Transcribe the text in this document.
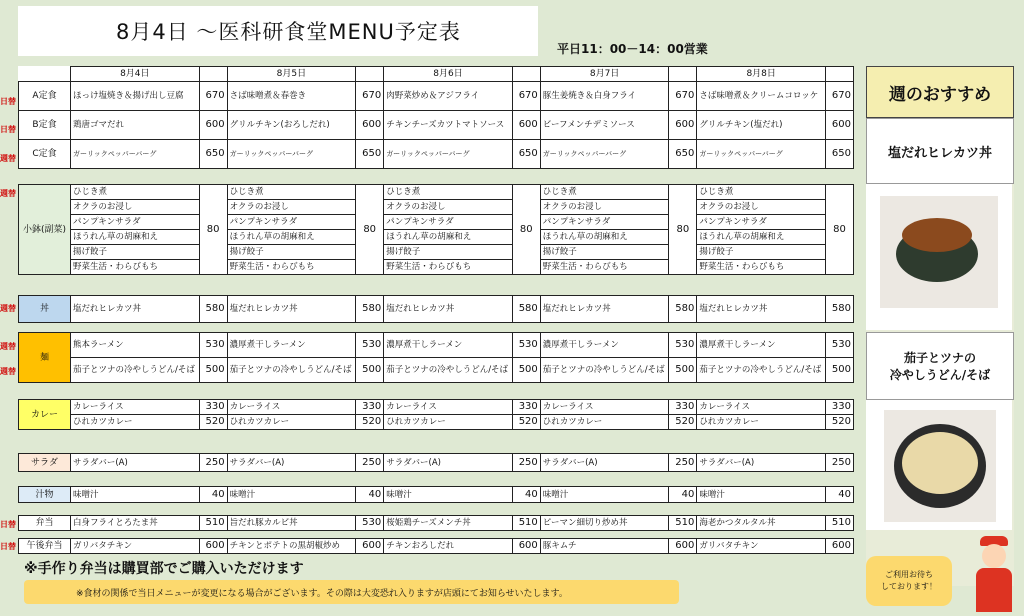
8月4日 ～医科研食堂MENU予定表
平日11：00－14：00営業
日替
日替
週替
週替
週替
週替
週替
日替
日替
	8月4日		8月5日		8月6日		8月7日		8月8日	
A定食	ほっけ塩焼き＆揚げ出し豆腐	670	さば味噌煮＆春巻き	670	肉野菜炒め＆アジフライ	670	豚生姜焼き＆白身フライ	670	さば味噌煮＆クリームコロッケ	670
B定食	鶏唐ゴマだれ	600	グリルチキン(おろしだれ)	600	チキンチーズカツトマトソース	600	ビーフメンチデミソース	600	グリルチキン(塩だれ)	600
C定食	ガーリックペッパーバーグ	650	ガーリックペッパーバーグ	650	ガーリックペッパーバーグ	650	ガーリックペッパーバーグ	650	ガーリックペッパーバーグ	650
小鉢(副菜)	ひじき煮	80	ひじき煮	80	ひじき煮	80	ひじき煮	80	ひじき煮	80
	オクラのお浸し		オクラのお浸し		オクラのお浸し		オクラのお浸し		オクラのお浸し	
	パンプキンサラダ		パンプキンサラダ		パンプキンサラダ		パンプキンサラダ		パンプキンサラダ	
	ほうれん草の胡麻和え		ほうれん草の胡麻和え		ほうれん草の胡麻和え		ほうれん草の胡麻和え		ほうれん草の胡麻和え	
	揚げ餃子		揚げ餃子		揚げ餃子		揚げ餃子		揚げ餃子	
	野菜生活・わらびもち		野菜生活・わらびもち		野菜生活・わらびもち		野菜生活・わらびもち		野菜生活・わらびもち	
丼	塩だれヒレカツ丼	580	塩だれヒレカツ丼	580	塩だれヒレカツ丼	580	塩だれヒレカツ丼	580	塩だれヒレカツ丼	580
麺	熊本ラーメン	530	濃厚煮干しラーメン	530	濃厚煮干しラーメン	530	濃厚煮干しラーメン	530	濃厚煮干しラーメン	530
	茄子とツナの冷やしうどん/そば	500	茄子とツナの冷やしうどん/そば	500	茄子とツナの冷やしうどん/そば	500	茄子とツナの冷やしうどん/そば	500	茄子とツナの冷やしうどん/そば	500
カレー	カレーライス	330	カレーライス	330	カレーライス	330	カレーライス	330	カレーライス	330
	ひれカツカレー	520	ひれカツカレー	520	ひれカツカレー	520	ひれカツカレー	520	ひれカツカレー	520
サラダ	サラダバー(A)	250	サラダバー(A)	250	サラダバー(A)	250	サラダバー(A)	250	サラダバー(A)	250
汁物	味噌汁	40	味噌汁	40	味噌汁	40	味噌汁	40	味噌汁	40
弁当	白身フライとろたま丼	510	旨だれ豚カルビ丼	530	桜姫鶏チーズメンチ丼	510	ピーマン細切り炒め丼	510	海老かつタルタル丼	510
午後弁当	ガリバタチキン	600	チキンとポテトの黒胡椒炒め	600	チキンおろしだれ	600	豚キムチ	600	ガリバタチキン	600
週のおすすめ
塩だれヒレカツ丼
茄子とツナの
冷やしうどん/そば
※手作り弁当は購買部でご購入いただけます
※食材の関係で当日メニューが変更になる場合がございます。その際は大変恐れ入りますが店頭にてお知らせいたします。
ご利用お待ち
しております！
